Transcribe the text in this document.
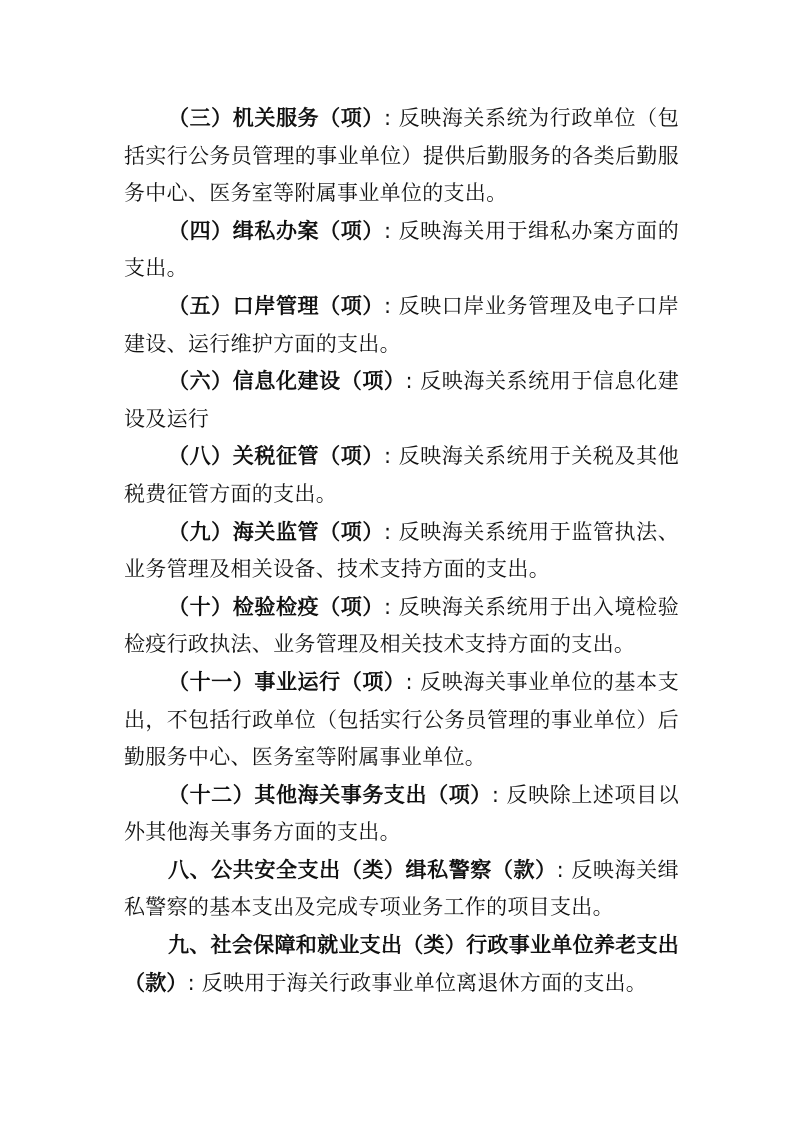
（三）机关服务（项）: 反映海关系统为行政单位（包括实行公务员管理的事业单位）提供后勤服务的各类后勤服务中心、医务室等附属事业单位的支出。

（四）缉私办案（项）: 反映海关用于缉私办案方面的支出。

（五）口岸管理（项）: 反映口岸业务管理及电子口岸建设、运行维护方面的支出。

（六）信息化建设（项）: 反映海关系统用于信息化建设及运行

（八）关税征管（项）: 反映海关系统用于关税及其他税费征管方面的支出。

（九）海关监管（项）: 反映海关系统用于监管执法、业务管理及相关设备、技术支持方面的支出。

（十）检验检疫（项）: 反映海关系统用于出入境检验检疫行政执法、业务管理及相关技术支持方面的支出。

（十一）事业运行（项）: 反映海关事业单位的基本支出，不包括行政单位（包括实行公务员管理的事业单位）后勤服务中心、医务室等附属事业单位。

（十二）其他海关事务支出（项）: 反映除上述项目以外其他海关事务方面的支出。

八、公共安全支出（类）缉私警察（款）: 反映海关缉私警察的基本支出及完成专项业务工作的项目支出。

九、社会保障和就业支出（类）行政事业单位养老支出（款）: 反映用于海关行政事业单位离退休方面的支出。
